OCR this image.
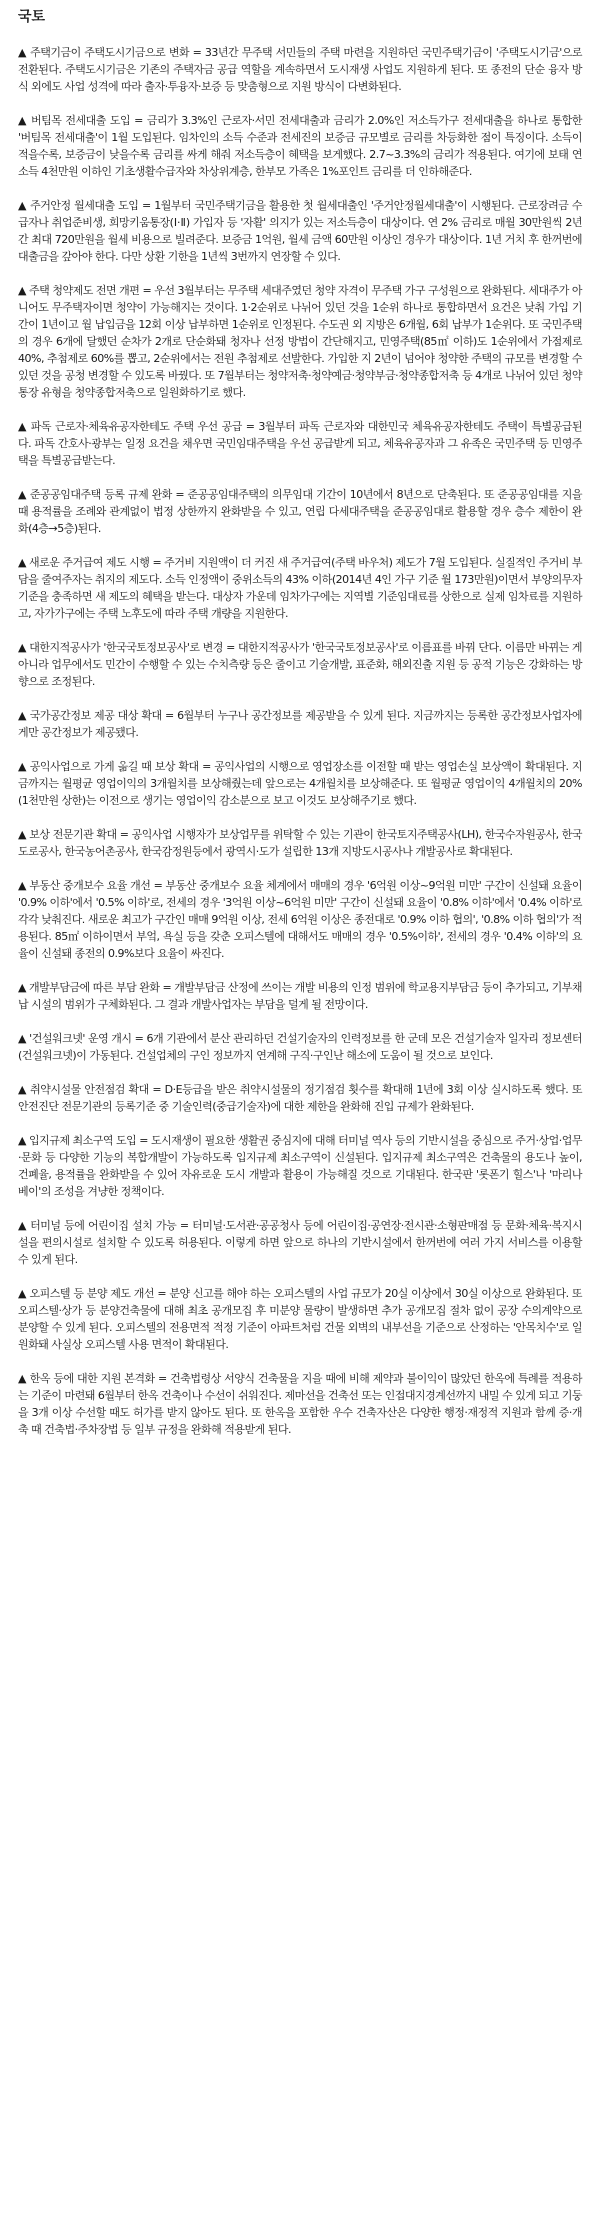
국토

▲ 주택기금이 주택도시기금으로 변화 = 33년간 무주택 서민들의 주택 마련을 지원하던 국민주택기금이 '주택도시기금'으로 전환된다. 주택도시기금은 기존의 주택자금 공급 역할을 계속하면서 도시재생 사업도 지원하게 된다. 또 종전의 단순 융자 방식 외에도 사업 성격에 따라 출자·투융자·보증 등 맞춤형으로 지원 방식이 다변화된다.

▲ 버팀목 전세대출 도입 = 금리가 3.3%인 근로자·서민 전세대출과 금리가 2.0%인 저소득가구 전세대출을 하나로 통합한 '버팀목 전세대출'이 1월 도입된다. 임차인의 소득 수준과 전세진의 보증금 규모별로 금리를 차등화한 점이 특징이다. 소득이 적을수록, 보증금이 낮을수록 금리를 싸게 해줘 저소득층이 혜택을 보게했다. 2.7~3.3%의 금리가 적용된다. 여기에 보태 연소득 4천만원 이하인 기초생활수급자와 차상위계층, 한부모 가족은 1%포인트 금리를 더 인하해준다.

▲ 주거안정 월세대출 도입 = 1월부터 국민주택기금을 활용한 첫 월세대출인 '주거안정월세대출'이 시행된다. 근로장려금 수급자나 취업준비생, 희망키움통장(Ⅰ·Ⅱ) 가입자 등 '자활' 의지가 있는 저소득층이 대상이다. 연 2% 금리로 매월 30만원씩 2년간 최대 720만원을 월세 비용으로 빌려준다. 보증금 1억원, 월세 금액 60만원 이상인 경우가 대상이다. 1년 거치 후 한꺼번에 대출금을 갚아야 한다. 다만 상환 기한을 1년씩 3번까지 연장할 수 있다.

▲ 주택 청약제도 전면 개편 = 우선 3월부터는 무주택 세대주였던 청약 자격이 무주택 가구 구성원으로 완화된다. 세대주가 아니어도 무주택자이면 청약이 가능해지는 것이다. 1·2순위로 나뉘어 있던 것을 1순위 하나로 통합하면서 요건은 낮춰 가입 기간이 1년이고 월 납입금을 12회 이상 납부하면 1순위로 인정된다. 수도권 외 지방은 6개월, 6회 납부가 1순위다. 또 국민주택의 경우 6개에 달했던 순차가 2개로 단순화돼 청자나 선정 방법이 간단해지고, 민영주택(85㎡ 이하)도 1순위에서 가점제로 40%, 추첨제로 60%를 뽑고, 2순위에서는 전원 추첨제로 선발한다. 가입한 지 2년이 넘어야 청약한 주택의 규모를 변경할 수 있던 것을 공청 변경할 수 있도록 바꿨다. 또 7월부터는 청약저축·청약예금·청약부금·청약종합저축 등 4개로 나뉘어 있던 청약통장 유형을 청약종합저축으로 일원화하기로 했다.

▲ 파독 근로자·체육유공자한테도 주택 우선 공급 = 3월부터 파독 근로자와 대한민국 체육유공자한테도 주택이 특별공급된다. 파독 간호사·광부는 일정 요건을 채우면 국민임대주택을 우선 공급받게 되고, 체육유공자과 그 유족은 국민주택 등 민영주택을 특별공급받는다.

▲ 준공공임대주택 등록 규제 완화 = 준공공임대주택의 의무임대 기간이 10년에서 8년으로 단축된다. 또 준공공임대를 지을 때 용적률을 조례와 관계없이 법정 상한까지 완화받을 수 있고, 연립 다세대주택을 준공공임대로 활용할 경우 층수 제한이 완화(4층→5층)된다.

▲ 새로운 주거급여 제도 시행 = 주거비 지원액이 더 커진 새 주거급여(주택 바우처) 제도가 7월 도입된다. 실질적인 주거비 부담을 줄여주자는 취지의 제도다. 소득 인정액이 중위소득의 43% 이하(2014년 4인 가구 기준 월 173만원)이면서 부양의무자 기준을 충족하면 새 제도의 혜택을 받는다. 대상자 가운데 임차가구에는 지역별 기준임대료를 상한으로 실제 임차료를 지원하고, 자가가구에는 주택 노후도에 따라 주택 개량을 지원한다.

▲ 대한지적공사가 '한국국토정보공사'로 변경 = 대한지적공사가 '한국국토정보공사'로 이름표를 바꿔 단다. 이름만 바뀌는 게 아니라 업무에서도 민간이 수행할 수 있는 수치측량 등은 줄이고 기술개발, 표준화, 해외진출 지원 등 공적 기능은 강화하는 방향으로 조정된다.

▲ 국가공간정보 제공 대상 확대 = 6월부터 누구나 공간정보를 제공받을 수 있게 된다. 지금까지는 등록한 공간정보사업자에게만 공간정보가 제공됐다.

▲ 공익사업으로 가게 옮길 때 보상 확대 = 공익사업의 시행으로 영업장소를 이전할 때 받는 영업손실 보상액이 확대된다. 지금까지는 월평균 영업이익의 3개월치를 보상해줬는데 앞으로는 4개월치를 보상해준다. 또 월평균 영업이익 4개월치의 20%(1천만원 상한)는 이전으로 생기는 영업이익 감소분으로 보고 이것도 보상해주기로 했다.

▲ 보상 전문기관 확대 = 공익사업 시행자가 보상업무를 위탁할 수 있는 기관이 한국토지주택공사(LH), 한국수자원공사, 한국도로공사, 한국농어촌공사, 한국감정원등에서 광역시·도가 설립한 13개 지방도시공사나 개발공사로 확대된다.

▲ 부동산 중개보수 요율 개선 = 부동산 중개보수 요율 체계에서 매매의 경우 '6억원 이상~9억원 미만' 구간이 신설돼 요율이 '0.9% 이하'에서 '0.5% 이하'로, 전세의 경우 '3억원 이상~6억원 미만' 구간이 신설돼 요율이 '0.8% 이하'에서 '0.4% 이하'로 각각 낮춰진다. 새로운 최고가 구간인 매매 9억원 이상, 전세 6억원 이상은 종전대로 '0.9% 이하 협의', '0.8% 이하 협의'가 적용된다. 85㎡ 이하이면서 부엌, 욕실 등을 갖춘 오피스텔에 대해서도 매매의 경우 '0.5%이하', 전세의 경우 '0.4% 이하'의 요율이 신설돼 종전의 0.9%보다 요율이 싸진다.

▲ 개발부담금에 따른 부담 완화 = 개발부담금 산정에 쓰이는 개발 비용의 인정 범위에 학교용지부담금 등이 추가되고, 기부채납 시설의 범위가 구체화된다. 그 결과 개발사업자는 부담을 덜게 될 전망이다.

▲ '건설워크넷' 운영 개시 = 6개 기관에서 분산 관리하던 건설기술자의 인력정보를 한 군데 모은 건설기술자 일자리 정보센터(건설워크넷)이 가동된다. 건설업체의 구인 정보까지 연계해 구직·구인난 해소에 도움이 될 것으로 보인다.

▲ 취약시설물 안전점검 확대 = D·E등급을 받은 취약시설물의 정기점검 횟수를 확대해 1년에 3회 이상 실시하도록 했다. 또 안전진단 전문기관의 등록기준 중 기술인력(중급기술자)에 대한 제한을 완화해 진입 규제가 완화된다.

▲ 입지규제 최소구역 도입 = 도시재생이 필요한 생활권 중심지에 대해 터미널 역사 등의 기반시설을 중심으로 주거·상업·업무·문화 등 다양한 기능의 복합개발이 가능하도록 입지규제 최소구역이 신설된다. 입지규제 최소구역은 건축물의 용도나 높이, 건폐율, 용적률을 완화받을 수 있어 자유로운 도시 개발과 활용이 가능해질 것으로 기대된다. 한국판 '롯폰기 힐스'나 '마리나베이'의 조성을 겨냥한 정책이다.

▲ 터미널 등에 어린이집 설치 가능 = 터미널·도서관·공공청사 등에 어린이집·공연장·전시관·소형판매점 등 문화·체육·복지시설을 편의시설로 설치할 수 있도록 허용된다. 이렇게 하면 앞으로 하나의 기반시설에서 한꺼번에 여러 가지 서비스를 이용할 수 있게 된다.

▲ 오피스텔 등 분양 제도 개선 = 분양 신고를 해야 하는 오피스텔의 사업 규모가 20실 이상에서 30실 이상으로 완화된다. 또 오피스텔·상가 등 분양건축물에 대해 최초 공개모집 후 미분양 물량이 발생하면 추가 공개모집 절차 없이 공장 수의계약으로 분양할 수 있게 된다. 오피스텔의 전용면적 적정 기준이 아파트처럼 건물 외벽의 내부선을 기준으로 산정하는 '안목치수'로 일원화돼 사실상 오피스텔 사용 면적이 확대된다.

▲ 한옥 등에 대한 지원 본격화 = 건축법령상 서양식 건축물을 지을 때에 비해 제약과 불이익이 많았던 한옥에 특례를 적용하는 기준이 마련돼 6월부터 한옥 건축이나 수선이 쉬워진다. 제마선을 건축선 또는 인접대지경계선까지 내밀 수 있게 되고 기둥을 3개 이상 수선할 때도 허가를 받지 않아도 된다. 또 한옥을 포함한 우수 건축자산은 다양한 행정·재정적 지원과 함께 증·개축 때 건축법·주차장법 등 일부 규정을 완화해 적용받게 된다.
